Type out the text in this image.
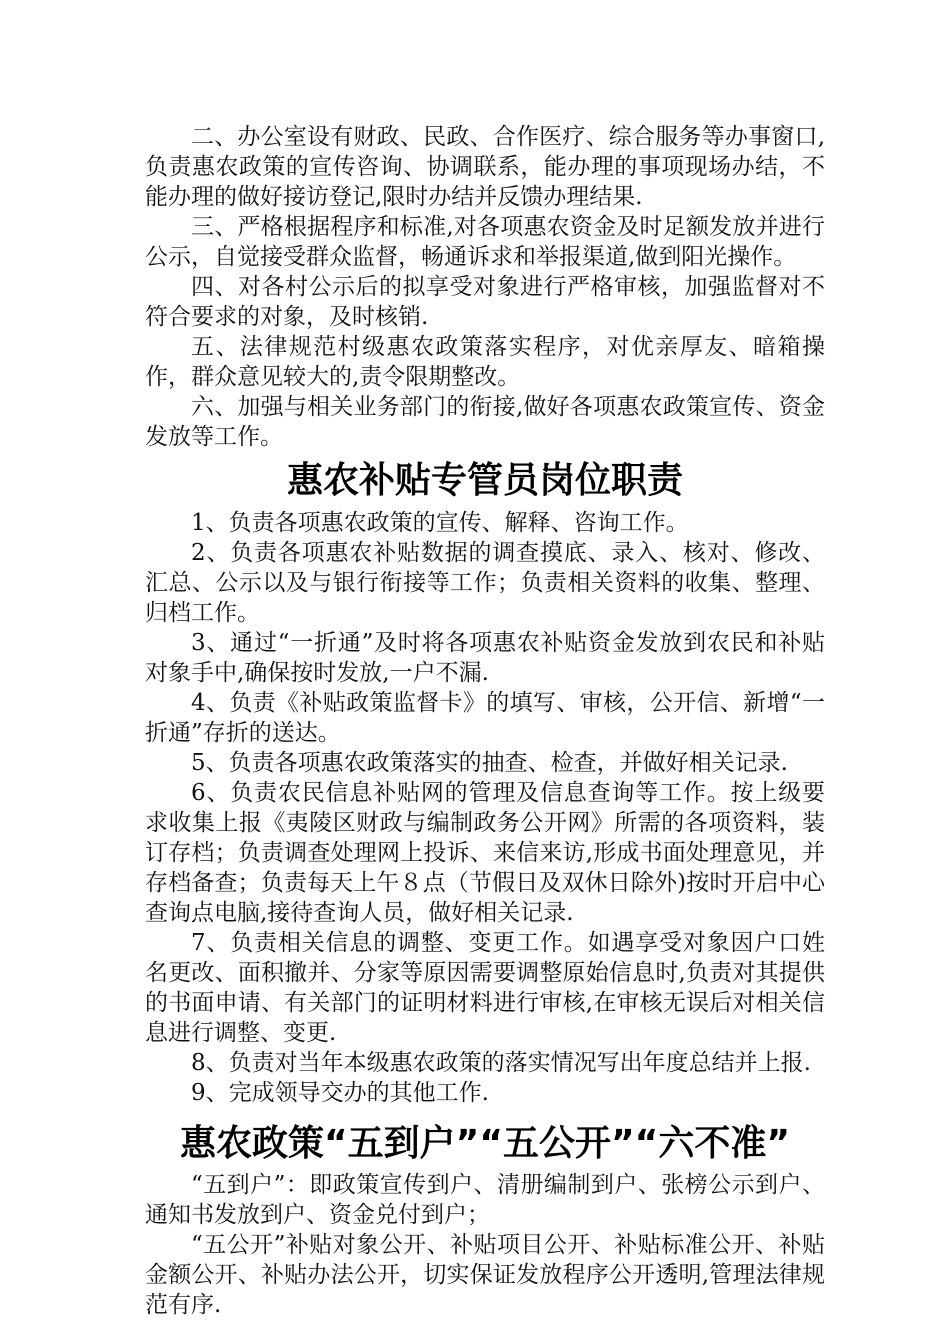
二、办公室设有财政、民政、合作医疗、综合服务等办事窗口,负责惠农政策的宣传咨询、协调联系，能办理的事项现场办结，不能办理的做好接访登记,限时办结并反馈办理结果.

三、严格根据程序和标准,对各项惠农资金及时足额发放并进行公示，自觉接受群众监督，畅通诉求和举报渠道,做到阳光操作。

四、对各村公示后的拟享受对象进行严格审核，加强监督对不符合要求的对象，及时核销.

五、法律规范村级惠农政策落实程序，对优亲厚友、暗箱操作，群众意见较大的,责令限期整改。

六、加强与相关业务部门的衔接,做好各项惠农政策宣传、资金发放等工作。

惠农补贴专管员岗位职责

1、负责各项惠农政策的宣传、解释、咨询工作。

2、负责各项惠农补贴数据的调查摸底、录入、核对、修改、汇总、公示以及与银行衔接等工作；负责相关资料的收集、整理、归档工作。

3、通过“一折通”及时将各项惠农补贴资金发放到农民和补贴对象手中,确保按时发放,一户不漏.

4、负责《补贴政策监督卡》的填写、审核，公开信、新增“一折通”存折的送达。

5、负责各项惠农政策落实的抽查、检查，并做好相关记录.

6、负责农民信息补贴网的管理及信息查询等工作。按上级要求收集上报《夷陵区财政与编制政务公开网》所需的各项资料，装订存档；负责调查处理网上投诉、来信来访,形成书面处理意见，并存档备查；负责每天上午８点（节假日及双休日除外)按时开启中心查询点电脑,接待查询人员，做好相关记录.

7、负责相关信息的调整、变更工作。如遇享受对象因户口姓名更改、面积撤并、分家等原因需要调整原始信息时,负责对其提供的书面申请、有关部门的证明材料进行审核,在审核无误后对相关信息进行调整、变更.

8、负责对当年本级惠农政策的落实情况写出年度总结并上报.

9、完成领导交办的其他工作.

惠农政策“五到户”“五公开”“六不准”

“五到户”：即政策宣传到户、清册编制到户、张榜公示到户、通知书发放到户、资金兑付到户；

“五公开”补贴对象公开、补贴项目公开、补贴标准公开、补贴金额公开、补贴办法公开，切实保证发放程序公开透明,管理法律规范有序.
